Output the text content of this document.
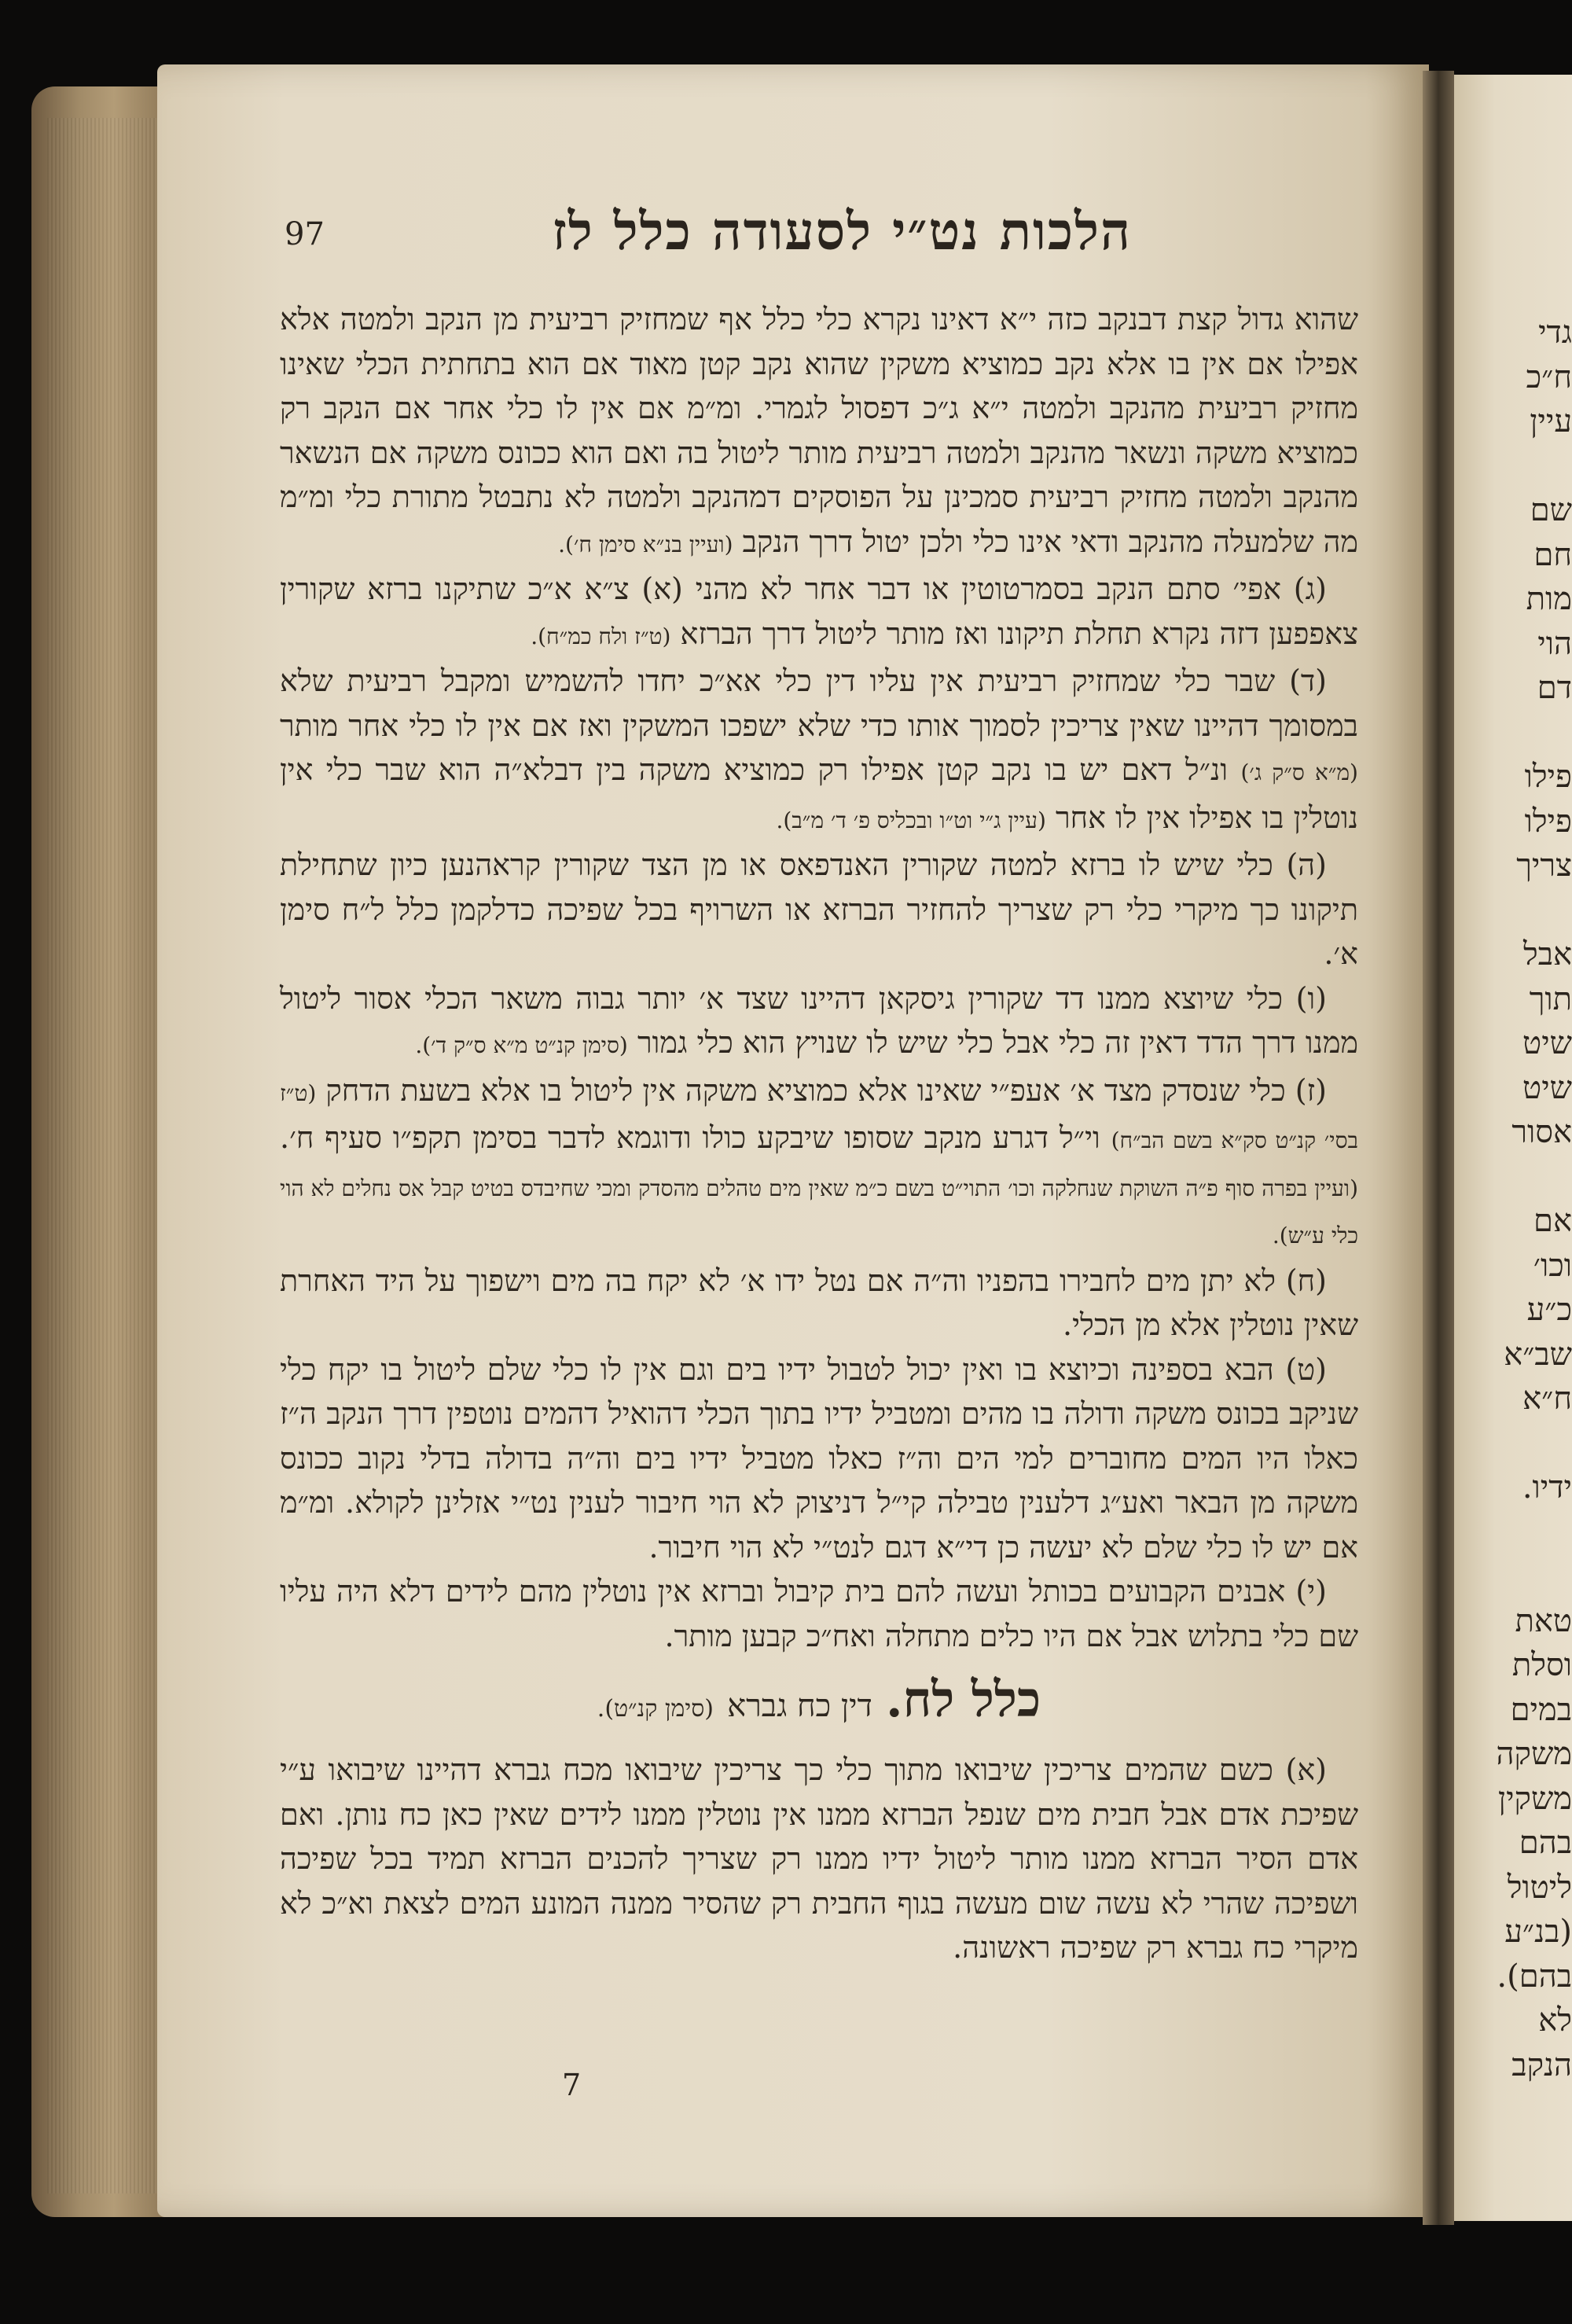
גדי
ח״כ
עיין
שם
חם
מות
הוי
דם
פילו
פילו
צריך
אבל
תוך
שיט
שיט
אסור
אם
וכו׳
כ״ע
שב״א
ח״א
ידיו.
טאת
וסלת
במים
משקה
משקין
בהם
ליטול
(בנ״ע
בהם).
לא
הנקב
97	הלכות נט״י לסעודה כלל לז

שהוא גדול קצת דבנקב כזה י״א דאינו נקרא כלי כלל אף שמחזיק רביעית מן הנקב ולמטה אלא אפילו אם אין בו אלא נקב כמוציא משקין שהוא נקב קטן מאוד אם הוא בתחתית הכלי שאינו מחזיק רביעית מהנקב ולמטה י״א ג״כ דפסול לגמרי. ומ״מ אם אין לו כלי אחר אם הנקב רק כמוציא משקה ונשאר מהנקב ולמטה רביעית מותר ליטול בה ואם הוא ככונס משקה אם הנשאר מהנקב ולמטה מחזיק רביעית סמכינן על הפוסקים דמהנקב ולמטה לא נתבטל מתורת כלי ומ״מ מה שלמעלה מהנקב ודאי אינו כלי ולכן יטול דרך הנקב (ועיין בנ״א סימן ח׳).

(ג) אפי׳ סתם הנקב בסמרטוטין או דבר אחר לא מהני (א) צ״א א״כ שתיקנו ברזא שקורין צאפפען דזה נקרא תחלת תיקונו ואז מותר ליטול דרך הברזא (ט״ז ולח כמ״ח).

(ד) שבר כלי שמחזיק רביעית אין עליו דין כלי אא״כ יחדו להשמיש ומקבל רביעית שלא במסומך דהיינו שאין צריכין לסמוך אותו כדי שלא ישפכו המשקין ואז אם אין לו כלי אחר מותר (מ״א ס״ק ג׳) ונ״ל דאם יש בו נקב קטן אפילו רק כמוציא משקה בין דבלא״ה הוא שבר כלי אין נוטלין בו אפילו אין לו אחר (עיין ג״י וט״ו ובכליס פ׳ ד׳ מ״ב).

(ה) כלי שיש לו ברזא למטה שקורין האנדפאס או מן הצד שקורין קראהנען כיון שתחילת תיקונו כך מיקרי כלי רק שצריך להחזיר הברזא או השרויף בכל שפיכה כדלקמן כלל ל״ח סימן א׳.

(ו) כלי שיוצא ממנו דד שקורין גיסקאן דהיינו שצד א׳ יותר גבוה משאר הכלי אסור ליטול ממנו דרך הדד דאין זה כלי אבל כלי שיש לו שנויץ הוא כלי גמור (סימן קנ״ט מ״א ס״ק ד׳).

(ז) כלי שנסדק מצד א׳ אעפ״י שאינו אלא כמוציא משקה אין ליטול בו אלא בשעת הדחק (ט״ז בסי׳ קנ״ט סק״א בשם הב״ח) וי״ל דגרע מנקב שסופו שיבקע כולו ודוגמא לדבר בסימן תקפ״ו סעיף ח׳. (ועיין בפרה סוף פ״ה השוקת שנחלקה וכו׳ התוי״ט בשם כ״מ שאין מים טהלים מהסדק ומכי שחיבדס בטיט קבל אס נחלים לא הוי כלי ע״ש).

(ח) לא יתן מים לחבירו בהפניו וה״ה אם נטל ידו א׳ לא יקח בה מים וישפוך על היד האחרת שאין נוטלין אלא מן הכלי.

(ט) הבא בספינה וכיוצא בו ואין יכול לטבול ידיו בים וגם אין לו כלי שלם ליטול בו יקח כלי שניקב בכונס משקה ודולה בו מהים ומטביל ידיו בתוך הכלי דהואיל דהמים נוטפין דרך הנקב ה״ז כאלו היו המים מחוברים למי הים וה״ז כאלו מטביל ידיו בים וה״ה בדולה בדלי נקוב ככונס משקה מן הבאר ואע״ג דלענין טבילה קי״ל דניצוק לא הוי חיבור לענין נט״י אזלינן לקולא. ומ״מ אם יש לו כלי שלם לא יעשה כן די״א דגם לנט״י לא הוי חיבור.

(י) אבנים הקבועים בכותל ועשה להם בית קיבול וברזא אין נוטלין מהם לידים דלא היה עליו שם כלי בתלוש אבל אם היו כלים מתחלה ואח״כ קבען מותר.

כלל לח. דין כח גברא (סימן קנ״ט).

(א) כשם שהמים צריכין שיבואו מתוך כלי כך צריכין שיבואו מכח גברא דהיינו שיבואו ע״י שפיכת אדם אבל חבית מים שנפל הברזא ממנו אין נוטלין ממנו לידים שאין כאן כח נותן. ואם אדם הסיר הברזא ממנו מותר ליטול ידיו ממנו רק שצריך להכנים הברזא תמיד בכל שפיכה ושפיכה שהרי לא עשה שום מעשה בגוף החבית רק שהסיר ממנה המונע המים לצאת וא״כ לא מיקרי כח גברא רק שפיכה ראשונה.

7
